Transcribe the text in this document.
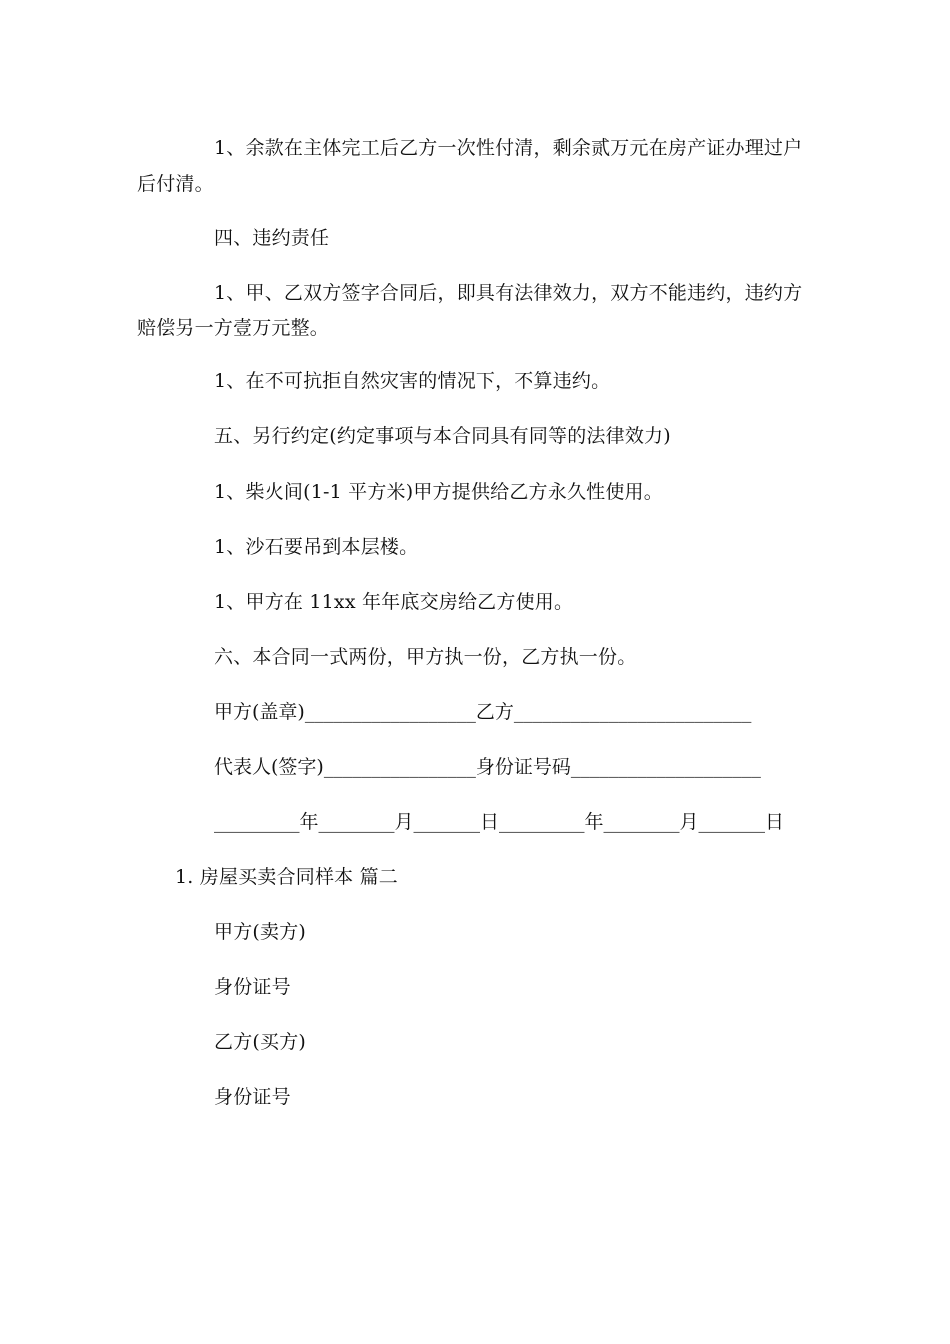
1、余款在主体完工后乙方一次性付清，剩余贰万元在房产证办理过户
后付清。
四、违约责任
1、甲、乙双方签字合同后，即具有法律效力，双方不能违约，违约方
赔偿另一方壹万元整。
1、在不可抗拒自然灾害的情况下，不算违约。
五、另行约定(约定事项与本合同具有同等的法律效力)
1、柴火间(1-1 平方米)甲方提供给乙方永久性使用。
1、沙石要吊到本层楼。
1、甲方在 11xx 年年底交房给乙方使用。
六、本合同一式两份，甲方执一份，乙方执一份。
甲方(盖章)__________________乙方_________________________
代表人(签字)________________身份证号码____________________
_________年________月_______日_________年________月_______日
1. 房屋买卖合同样本 篇二
甲方(卖方)
身份证号
乙方(买方)
身份证号
